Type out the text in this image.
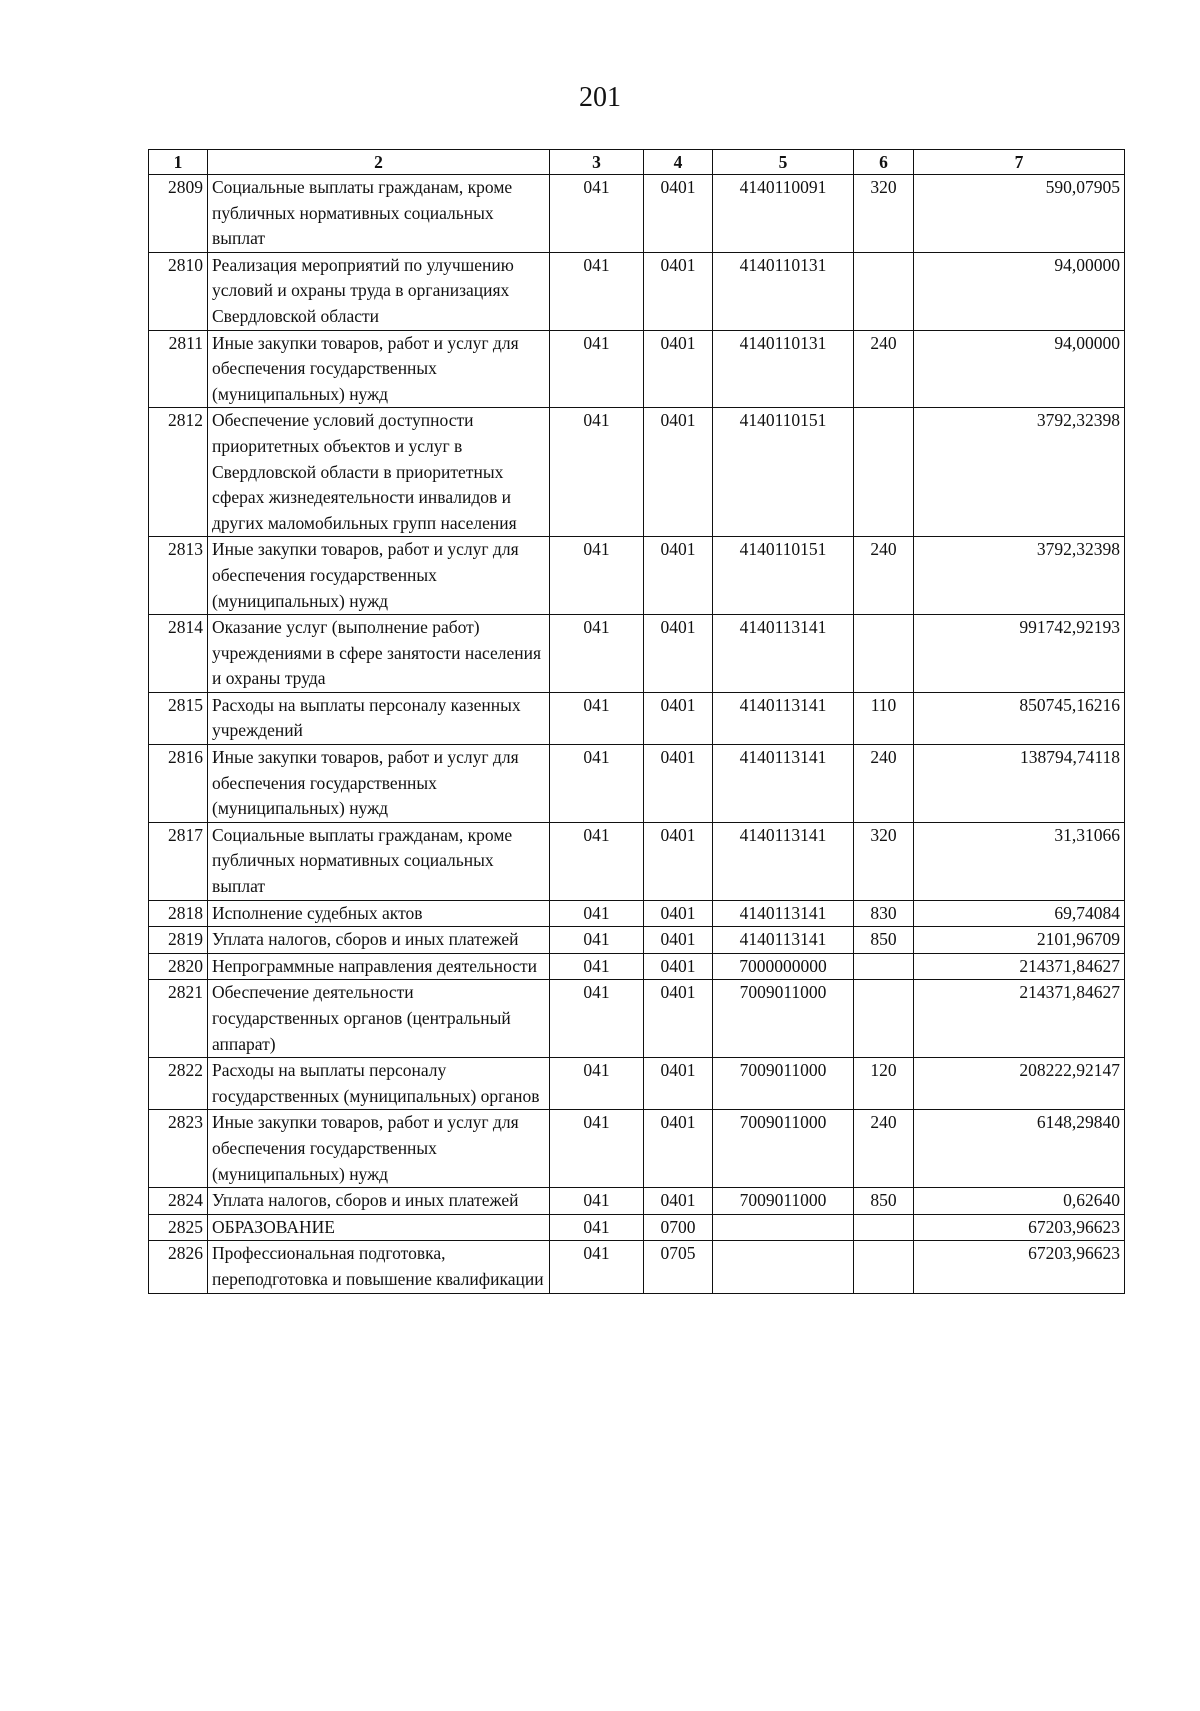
201
1	2	3	4	5	6	7
2809	Социальные выплаты гражданам, кроме публичных нормативных социальных выплат	041	0401	4140110091	320	590,07905
2810	Реализация мероприятий по улучшению условий и охраны труда в организациях Свердловской области	041	0401	4140110131		94,00000
2811	Иные закупки товаров, работ и услуг для обеспечения государственных (муниципальных) нужд	041	0401	4140110131	240	94,00000
2812	Обеспечение условий доступности приоритетных объектов и услуг в Свердловской области в приоритетных сферах жизнедеятельности инвалидов и других маломобильных групп населения	041	0401	4140110151		3792,32398
2813	Иные закупки товаров, работ и услуг для обеспечения государственных (муниципальных) нужд	041	0401	4140110151	240	3792,32398
2814	Оказание услуг (выполнение работ) учреждениями в сфере занятости населения и охраны труда	041	0401	4140113141		991742,92193
2815	Расходы на выплаты персоналу казенных учреждений	041	0401	4140113141	110	850745,16216
2816	Иные закупки товаров, работ и услуг для обеспечения государственных (муниципальных) нужд	041	0401	4140113141	240	138794,74118
2817	Социальные выплаты гражданам, кроме публичных нормативных социальных выплат	041	0401	4140113141	320	31,31066
2818	Исполнение судебных актов	041	0401	4140113141	830	69,74084
2819	Уплата налогов, сборов и иных платежей	041	0401	4140113141	850	2101,96709
2820	Непрограммные направления деятельности	041	0401	7000000000		214371,84627
2821	Обеспечение деятельности государственных органов (центральный аппарат)	041	0401	7009011000		214371,84627
2822	Расходы на выплаты персоналу государственных (муниципальных) органов	041	0401	7009011000	120	208222,92147
2823	Иные закупки товаров, работ и услуг для обеспечения государственных (муниципальных) нужд	041	0401	7009011000	240	6148,29840
2824	Уплата налогов, сборов и иных платежей	041	0401	7009011000	850	0,62640
2825	ОБРАЗОВАНИЕ	041	0700			67203,96623
2826	Профессиональная подготовка, переподготовка и повышение квалификации	041	0705			67203,96623
